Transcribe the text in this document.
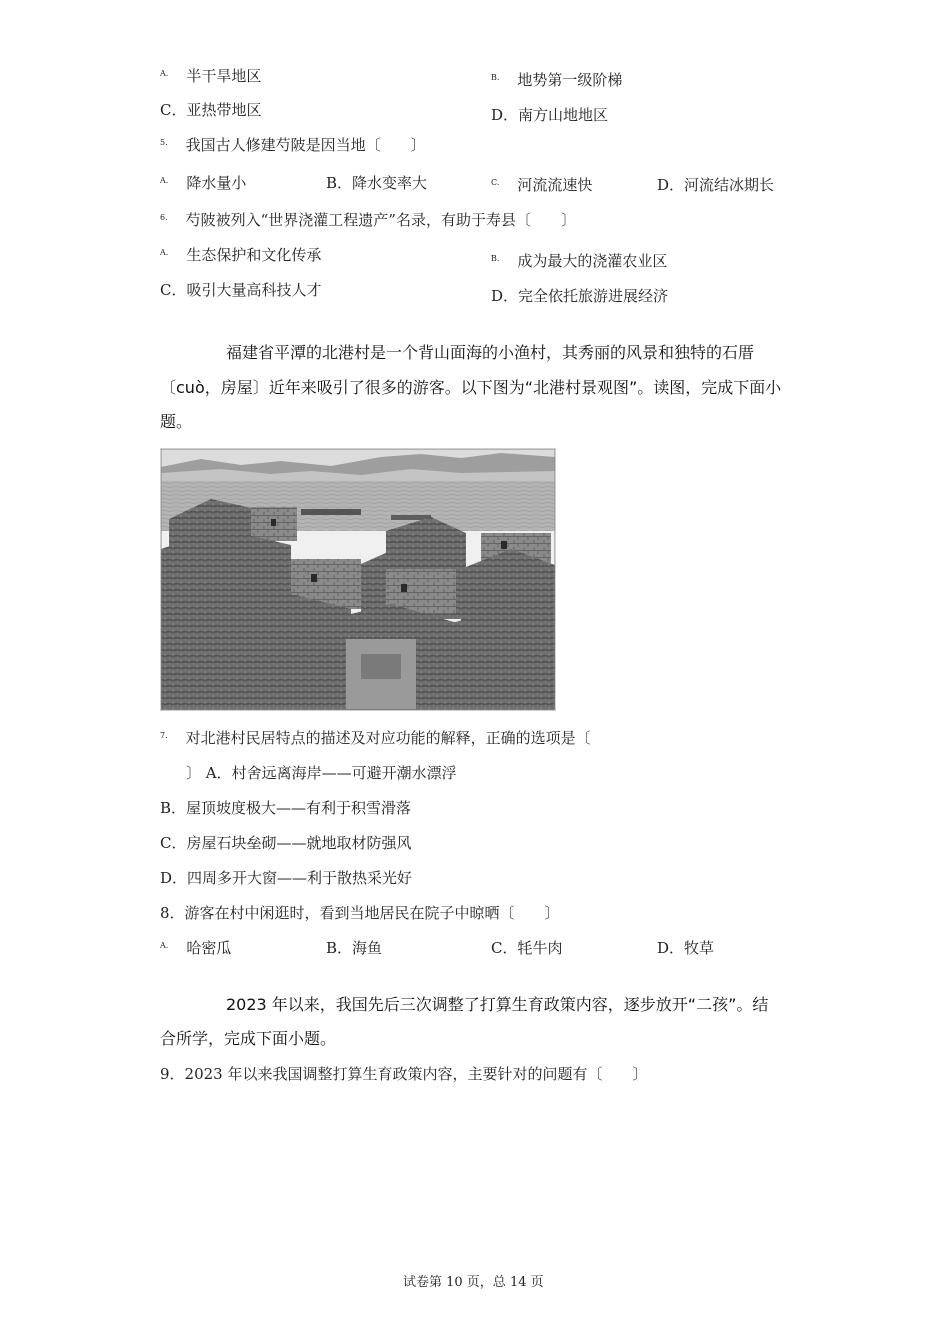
$^{A.}$ 半干旱地区	$^{B.}$ 地势第一级阶梯
C．亚热带地区	D．南方山地地区
$^{5.}$ 我国古人修建芍陂是因当地〔　　〕
$^{A.}$ 降水量小	B．降水变率大	$^{C.}$ 河流流速快	D．河流结冰期长
$^{6.}$ 芍陂被列入“世界浇灌工程遗产”名录，有助于寿县〔　　〕
$^{A.}$ 生态保护和文化传承	$^{B.}$ 成为最大的浇灌农业区
C．吸引大量高科技人才	D．完全依托旅游进展经济
福建省平潭的北港村是一个背山面海的小渔村，其秀丽的风景和独特的石厝
〔cuò，房屋〕近年来吸引了很多的游客。以下图为“北港村景观图”。读图，完成下面小
题。
$^{7.}$ 对北港村民居特点的描述及对应功能的解释，正确的选项是〔
〕 A．村舍远离海岸——可避开潮水漂浮
B．屋顶坡度极大——有利于积雪滑落
C．房屋石块垒砌——就地取材防强风
D．四周多开大窗——利于散热采光好
8．游客在村中闲逛时，看到当地居民在院子中晾晒〔　　〕
$^{A.}$ 哈密瓜	B．海鱼	C．牦牛肉	D．牧草
2023 年以来，我国先后三次调整了打算生育政策内容，逐步放开“二孩”。结
合所学，完成下面小题。
9．2023 年以来我国调整打算生育政策内容，主要针对的问题有〔　　〕
试卷第 10 页，总 14 页
